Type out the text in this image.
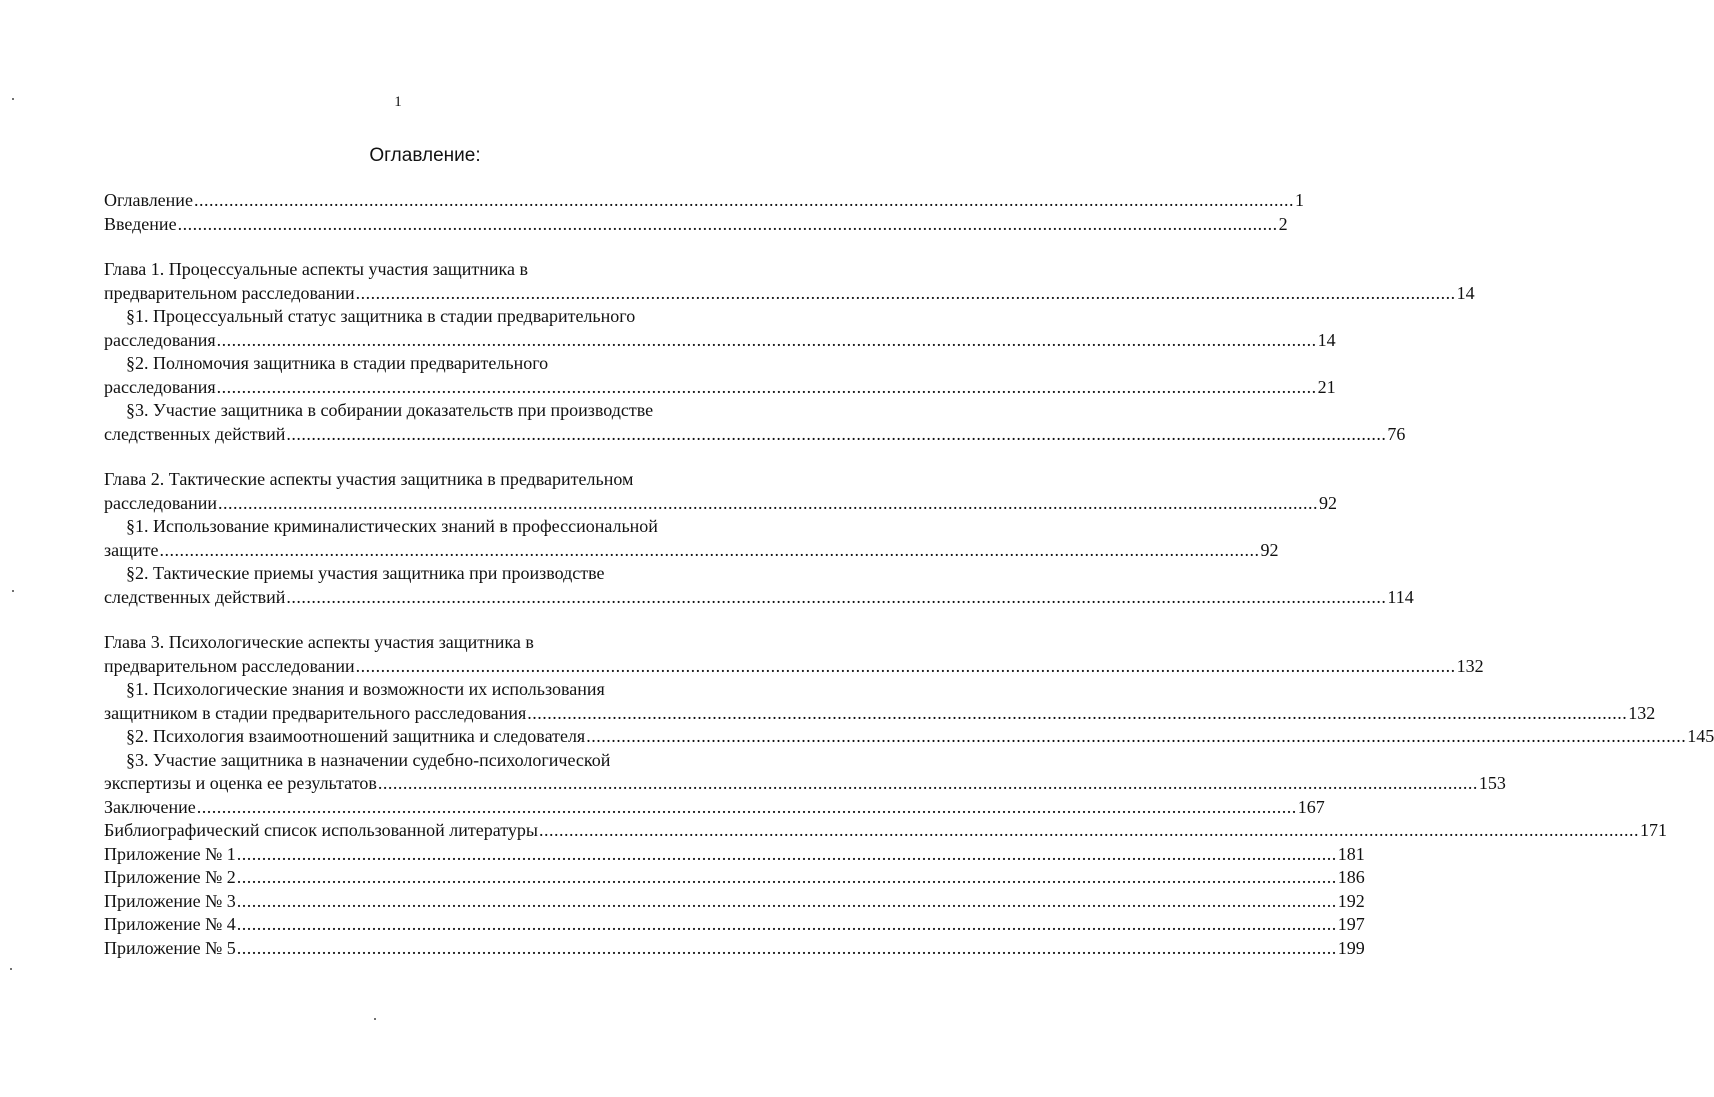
1
Оглавление:
Оглавление ............................................................................................................................................................................................................................ 1
Введение ............................................................................................................................................................................................................................ 2
Глава 1. Процессуальные аспекты участия защитника в
предварительном расследовании ............................................................................................................................................................................................................................ 14
§1. Процессуальный статус защитника в стадии предварительного
расследования ............................................................................................................................................................................................................................ 14
§2. Полномочия защитника в стадии предварительного
расследования ............................................................................................................................................................................................................................ 21
§3. Участие защитника в собирании доказательств при производстве
следственных действий ............................................................................................................................................................................................................................ 76
Глава 2. Тактические аспекты участия защитника в предварительном
расследовании ............................................................................................................................................................................................................................ 92
§1. Использование криминалистических знаний в профессиональной
защите ............................................................................................................................................................................................................................ 92
§2. Тактические приемы участия защитника при производстве
следственных действий ............................................................................................................................................................................................................................ 114
Глава 3. Психологические аспекты участия защитника в
предварительном расследовании ............................................................................................................................................................................................................................ 132
§1. Психологические знания и возможности их использования
защитником в стадии предварительного расследования ............................................................................................................................................................................................................................ 132
§2. Психология взаимоотношений защитника и следователя ............................................................................................................................................................................................................................ 145
§3. Участие защитника в назначении судебно-психологической
экспертизы и оценка ее результатов ............................................................................................................................................................................................................................ 153
Заключение ............................................................................................................................................................................................................................ 167
Библиографический список использованной литературы ............................................................................................................................................................................................................................ 171
Приложение № 1 ............................................................................................................................................................................................................................ 181
Приложение № 2 ............................................................................................................................................................................................................................ 186
Приложение № 3 ............................................................................................................................................................................................................................ 192
Приложение № 4 ............................................................................................................................................................................................................................ 197
Приложение № 5 ............................................................................................................................................................................................................................ 199
